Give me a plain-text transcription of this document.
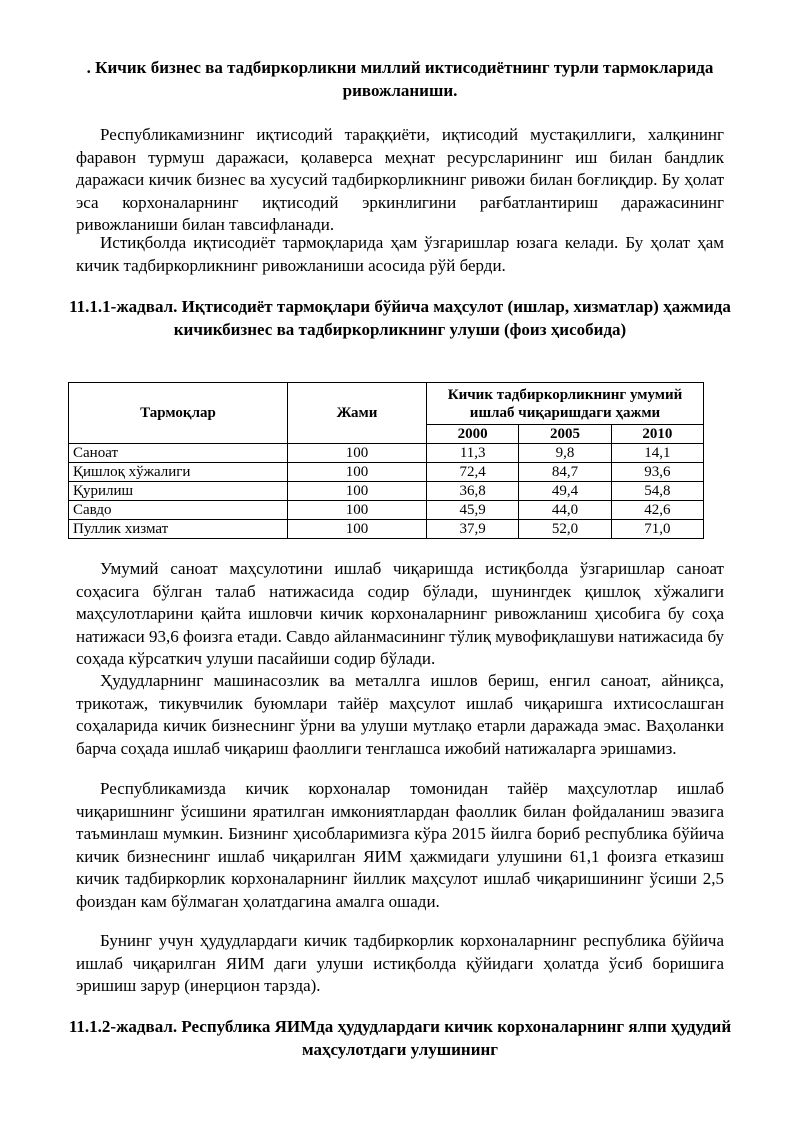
. Кичик бизнес ва тадбиркорликни миллий иктисодиётнинг турли тармокларида ривожланиши.

Республикамизнинг иқтисодий тараққиёти, иқтисодий мустақиллиги, халқининг фаравон турмуш даражаси, қолаверса меҳнат ресурсларининг иш билан бандлик даражаси кичик бизнес ва хусусий тадбиркорликнинг ривожи билан боғлиқдир. Бу ҳолат эса корхоналарнинг иқтисодий эркинлигини рағбатлантириш даражасининг ривожланиши билан тавсифланади.

Истиқболда иқтисодиёт тармоқларида ҳам ўзгаришлар юзага келади. Бу ҳолат ҳам кичик тадбиркорликнинг ривожланиши асосида рўй берди.

11.1.1-жадвал. Иқтисодиёт тармоқлари бўйича маҳсулот (ишлар, хизматлар) ҳажмида кичикбизнес ва тадбиркорликнинг улуши (фоиз ҳисобида)
Тармоқлар	Жами	Кичик тадбиркорликнинг умумий ишлаб чиқаришдаги ҳажми		
		2000	2005	2010
Саноат	100	11,3	9,8	14,1
Қишлоқ хўжалиги	100	72,4	84,7	93,6
Қурилиш	100	36,8	49,4	54,8
Савдо	100	45,9	44,0	42,6
Пуллик хизмат	100	37,9	52,0	71,0

Умумий саноат маҳсулотини ишлаб чиқаришда истиқболда ўзгаришлар саноат соҳасига бўлган талаб натижасида содир бўлади, шунингдек қишлоқ хўжалиги маҳсулотларини қайта ишловчи кичик корхоналарнинг ривожланиш ҳисобига бу соҳа натижаси 93,6 фоизга етади. Савдо айланмасининг тўлиқ мувофиқлашуви натижасида бу соҳада кўрсаткич улуши пасайиши содир бўлади.

Ҳудудларнинг машинасозлик ва металлга ишлов бериш, енгил саноат, айниқса, трикотаж, тикувчилик буюмлари тайёр маҳсулот ишлаб чиқаришга ихтисослашган соҳаларида кичик бизнеснинг ўрни ва улуши мутлақо етарли даражада эмас. Ваҳоланки барча соҳада ишлаб чиқариш фаоллиги тенглашса ижобий натижаларга эришамиз.

Республикамизда кичик корхоналар томонидан тайёр маҳсулотлар ишлаб чиқаришнинг ўсишини яратилган имкониятлардан фаоллик билан фойдаланиш эвазига таъминлаш мумкин. Бизнинг ҳисобларимизга кўра 2015 йилга бориб республика бўйича кичик бизнеснинг ишлаб чиқарилган ЯИМ ҳажмидаги улушини 61,1 фоизга етказиш кичик тадбиркорлик корхоналарнинг йиллик маҳсулот ишлаб чиқаришининг ўсиши 2,5 фоиздан кам бўлмаган ҳолатдагина амалга ошади.

Бунинг учун ҳудудлардаги кичик тадбиркорлик корхоналарнинг республика бўйича ишлаб чиқарилган ЯИМ даги улуши истиқболда қўйидаги ҳолатда ўсиб боришига эришиш зарур (инерцион тарзда).

11.1.2-жадвал. Республика ЯИМда ҳудудлардаги кичик корхоналарнинг ялпи ҳудудий маҳсулотдаги улушининг
